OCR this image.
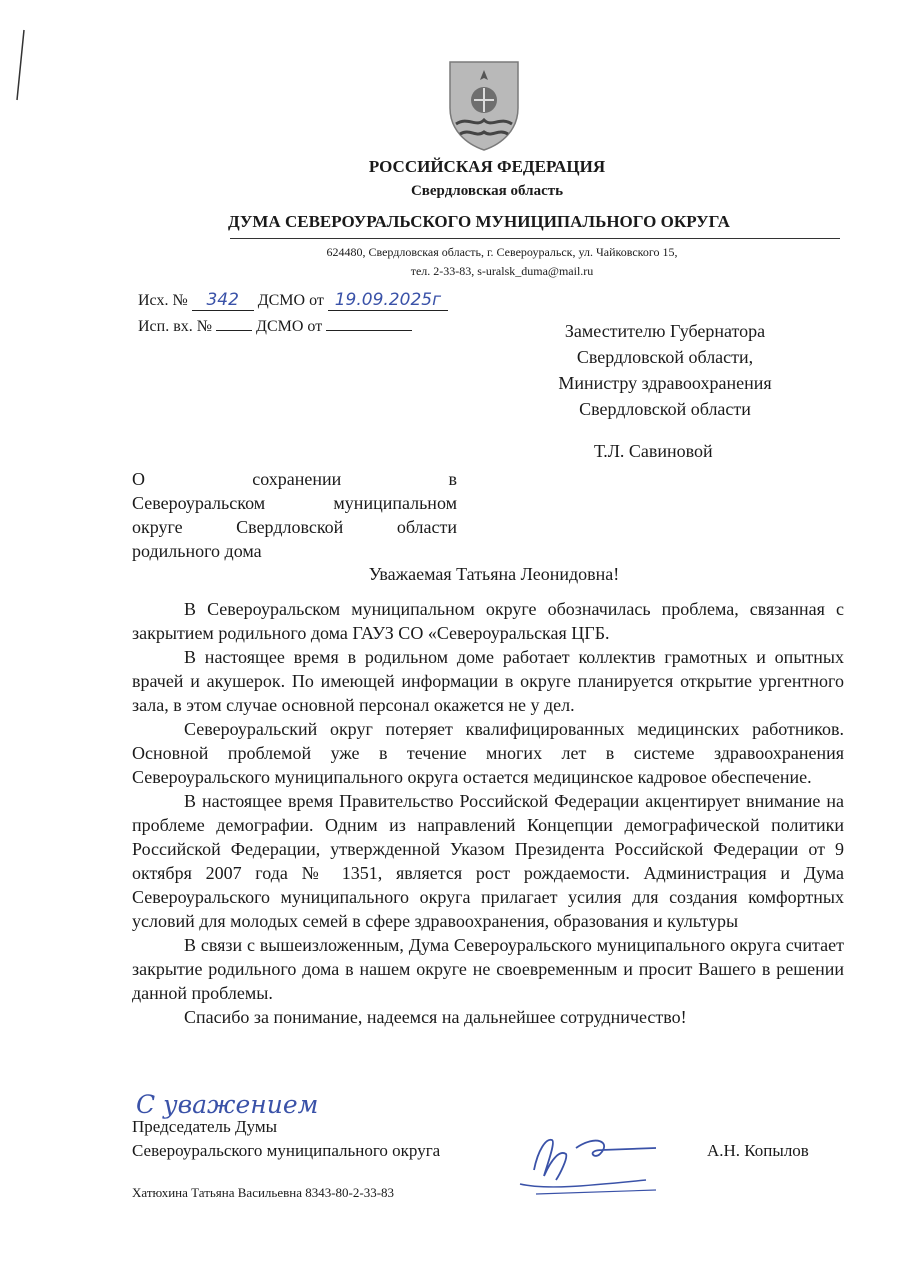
РОССИЙСКАЯ ФЕДЕРАЦИЯ
Свердловская область
ДУМА СЕВЕРОУРАЛЬСКОГО МУНИЦИПАЛЬНОГО ОКРУГА
624480, Свердловская область, г. Североуральск, ул. Чайковского 15,
тел. 2-33-83, s-uralsk_duma@mail.ru
Исх. № 342 ДСМО от 19.09.2025г
Исп. вх. №	ДСМО от	Заместителю Губернатора
Свердловской области,
Министру здравоохранения
Свердловской области
Т.Л. Савиновой
О сохранении в
Североуральском муниципальном
округе Свердловской области
родильного дома
Уважаемая Татьяна Леонидовна!

В Североуральском муниципальном округе обозначилась проблема, связанная с закрытием родильного дома ГАУЗ СО «Североуральская ЦГБ.

В настоящее время в родильном доме работает коллектив грамотных и опытных врачей и акушерок. По имеющей информации в округе планируется открытие ургентного зала, в этом случае основной персонал окажется не у дел.

Североуральский округ потеряет квалифицированных медицинских работников. Основной проблемой уже в течение многих лет в системе здравоохранения Североуральского муниципального округа остается медицинское кадровое обеспечение.

В настоящее время Правительство Российской Федерации акцентирует внимание на проблеме демографии. Одним из направлений Концепции демографической политики Российской Федерации, утвержденной Указом Президента Российской Федерации от 9 октября 2007 года № 1351, является рост рождаемости. Администрация и Дума Североуральского муниципального округа прилагает усилия для создания комфортных условий для молодых семей в сфере здравоохранения, образования и культуры

В связи с вышеизложенным, Дума Североуральского муниципального округа считает закрытие родильного дома в нашем округе не своевременным и просит Вашего в решении данной проблемы.

Спасибо за понимание, надеемся на дальнейшее сотрудничество!

С уважением
Председатель Думы
Североуральского муниципального округа	А.Н. Копылов
Хатюхина Татьяна Васильевна 8343-80-2-33-83
